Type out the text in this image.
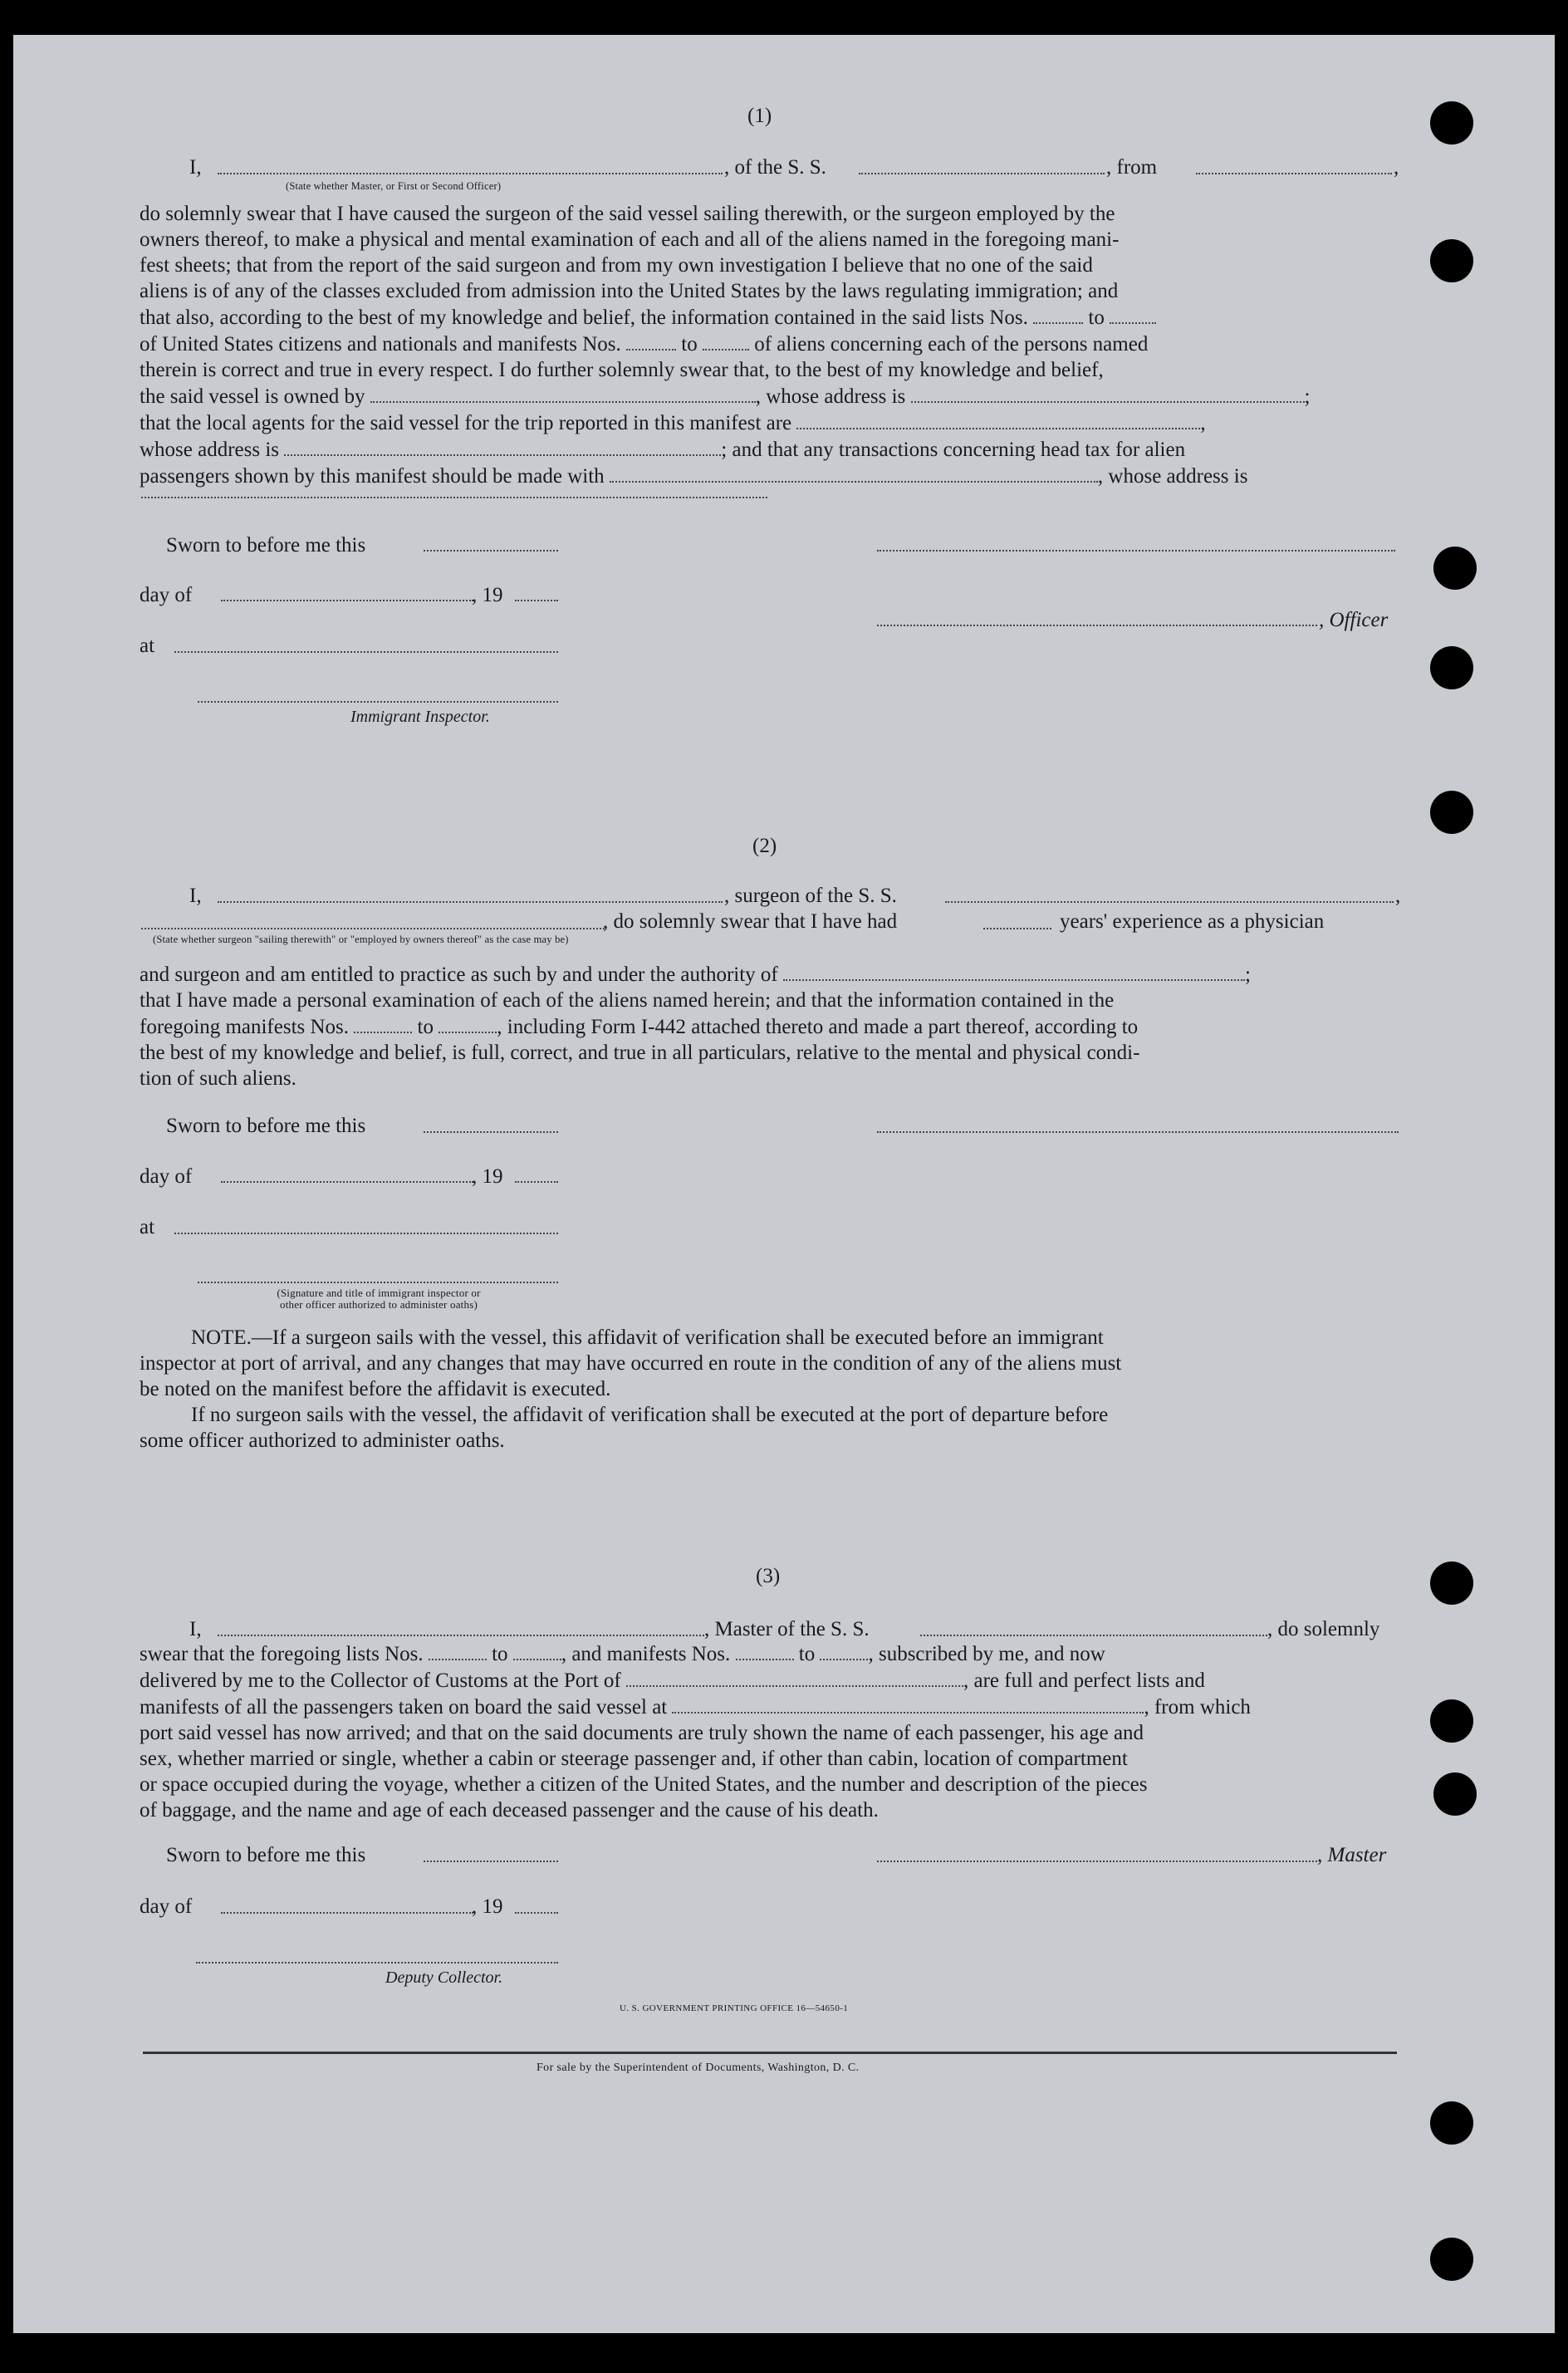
(1)
I,	, of the S. S.	, from	,
(State whether Master, or First or Second Officer)

do solemnly swear that I have caused the surgeon of the said vessel sailing therewith, or the surgeon employed by the

owners thereof, to make a physical and mental examination of each and all of the aliens named in the foregoing mani-

fest sheets; that from the report of the said surgeon and from my own investigation I believe that no one of the said

aliens is of any of the classes excluded from admission into the United States by the laws regulating immigration; and

that also, according to the best of my knowledge and belief, the information contained in the said lists Nos.	to

of United States citizens and nationals and manifests Nos.	to	of aliens concerning each of the persons named

therein is correct and true in every respect. I do further solemnly swear that, to the best of my knowledge and belief,

the said vessel is owned by	, whose address is	;

that the local agents for the said vessel for the trip reported in this manifest are	,

whose address is	; and that any transactions concerning head tax for alien

passengers shown by this manifest should be made with	, whose address is

Sworn to before me this
day of	, 19
, Officer
at
Immigrant Inspector.
(2)
I,	, surgeon of the S. S.	,
, do solemnly swear that I have had	years' experience as a physician
(State whether surgeon "sailing therewith" or "employed by owners thereof" as the case may be)

and surgeon and am entitled to practice as such by and under the authority of	;

that I have made a personal examination of each of the aliens named herein; and that the information contained in the

foregoing manifests Nos.	to	, including Form I-442 attached thereto and made a part thereof, according to

the best of my knowledge and belief, is full, correct, and true in all particulars, relative to the mental and physical condi-

tion of such aliens.

Sworn to before me this
day of	, 19
at
(Signature and title of immigrant inspector or
other officer authorized to administer oaths)

NOTE.—If a surgeon sails with the vessel, this affidavit of verification shall be executed before an immigrant

inspector at port of arrival, and any changes that may have occurred en route in the condition of any of the aliens must

be noted on the manifest before the affidavit is executed.

If no surgeon sails with the vessel, the affidavit of verification shall be executed at the port of departure before

some officer authorized to administer oaths.

(3)
I,	, Master of the S. S.	, do solemnly

swear that the foregoing lists Nos.	to	, and manifests Nos.	to	, subscribed by me, and now

delivered by me to the Collector of Customs at the Port of	, are full and perfect lists and

manifests of all the passengers taken on board the said vessel at	, from which

port said vessel has now arrived; and that on the said documents are truly shown the name of each passenger, his age and

sex, whether married or single, whether a cabin or steerage passenger and, if other than cabin, location of compartment

or space occupied during the voyage, whether a citizen of the United States, and the number and description of the pieces

of baggage, and the name and age of each deceased passenger and the cause of his death.

Sworn to before me this	, Master
day of	, 19
Deputy Collector.
U. S. GOVERNMENT PRINTING OFFICE 16—54650-1
For sale by the Superintendent of Documents, Washington, D. C.
